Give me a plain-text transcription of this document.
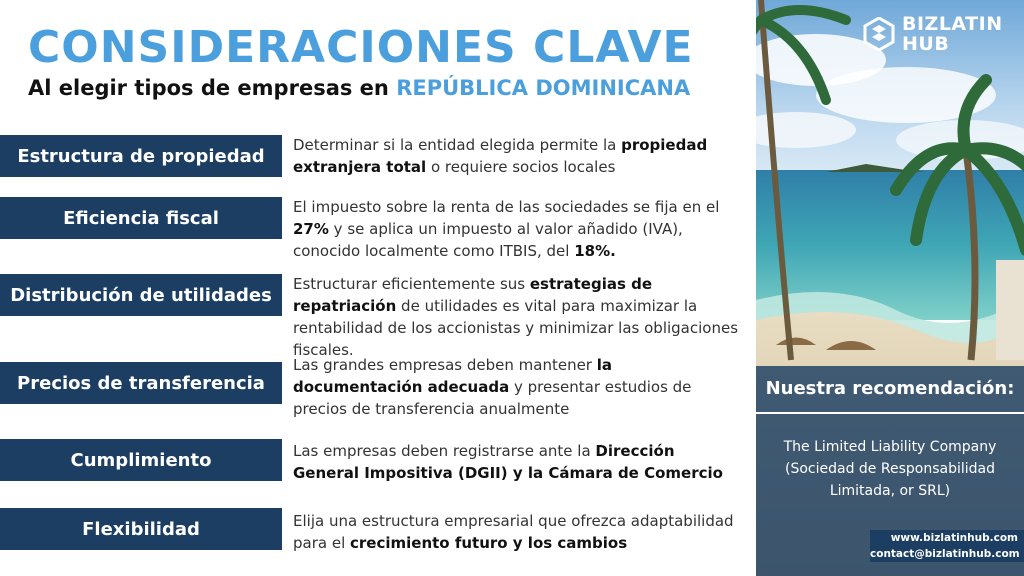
CONSIDERACIONES CLAVE
Al elegir tipos de empresas en REPÚBLICA DOMINICANA
Estructura de propiedad
Eficiencia fiscal
Distribución de utilidades
Precios de transferencia
Cumplimiento
Flexibilidad
Determinar si la entidad elegida permite la propiedad extranjera total o requiere socios locales
El impuesto sobre la renta de las sociedades se fija en el 27% y se aplica un impuesto al valor añadido (IVA), conocido localmente como ITBIS, del 18%.
Estructurar eficientemente sus estrategias de repatriación de utilidades es vital para maximizar la rentabilidad de los accionistas y minimizar las obligaciones fiscales.
Las grandes empresas deben mantener la documentación adecuada y presentar estudios de precios de transferencia anualmente
Las empresas deben registrarse ante la Dirección General Impositiva (DGII) y la Cámara de Comercio
Elija una estructura empresarial que ofrezca adaptabilidad para el crecimiento futuro y los cambios
BIZLATIN
HUB
Nuestra recomendación:
The Limited Liability Company (Sociedad de Responsabilidad Limitada, or SRL)
www.bizlatinhub.com
contact@bizlatinhub.com
